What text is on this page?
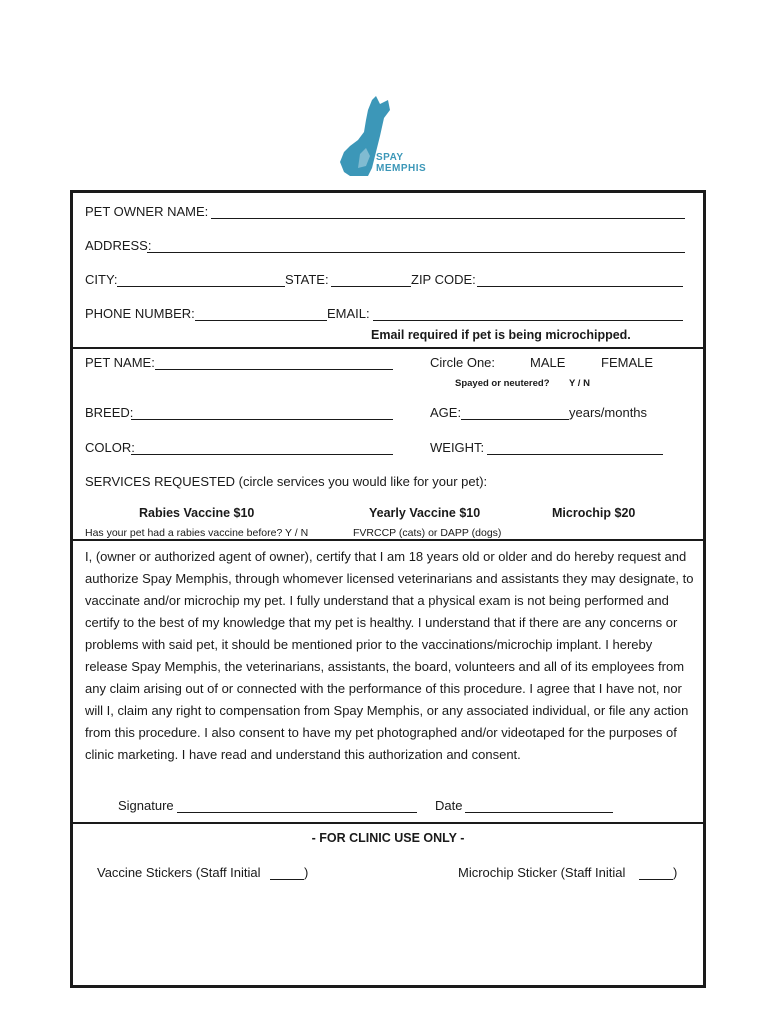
SPAY
MEMPHIS
PET OWNER NAME:
ADDRESS:
CITY:	STATE:	ZIP CODE:
PHONE NUMBER:	EMAIL:
Email required if pet is being microchipped.
PET NAME:	Circle One:	MALE	FEMALE
Spayed or neutered? Y / N
BREED:	AGE:	years/months
COLOR:	WEIGHT:
SERVICES REQUESTED (circle services you would like for your pet):
Rabies Vaccine $10	Yearly Vaccine $10	Microchip $20
Has your pet had a rabies vaccine before? Y / N	FVRCCP (cats) or DAPP (dogs)
I, (owner or authorized agent of owner), certify that I am 18 years old or older and do hereby request and authorize Spay Memphis, through whomever licensed veterinarians and assistants they may designate, to vaccinate and/or microchip my pet. I fully understand that a physical exam is not being performed and certify to the best of my knowledge that my pet is healthy. I understand that if there are any concerns or problems with said pet, it should be mentioned prior to the vaccinations/microchip implant. I hereby release Spay Memphis, the veterinarians, assistants, the board, volunteers and all of its employees from any claim arising out of or connected with the performance of this procedure. I agree that I have not, nor will I, claim any right to compensation from Spay Memphis, or any associated individual, or file any action from this procedure. I also consent to have my pet photographed and/or videotaped for the purposes of clinic marketing. I have read and understand this authorization and consent.
Signature	Date
- FOR CLINIC USE ONLY -
Vaccine Stickers (Staff Initial	)	Microchip Sticker (Staff Initial	)
